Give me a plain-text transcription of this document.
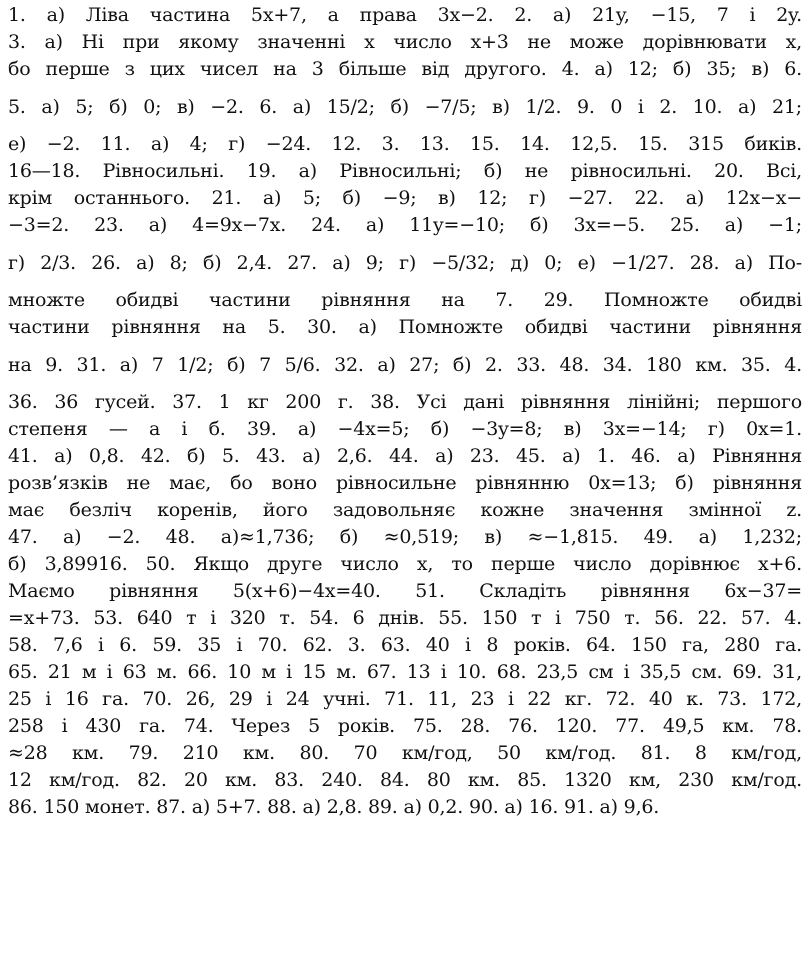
1. а) Ліва частина 5x+7, а права 3x−2. 2. а) 21y, −15, 7 і 2y.
3. а) Ні при якому значенні x число x+3 не може дорівнювати x,
бо перше з цих чисел на 3 більше від другого. 4. а) 12; б) 35; в) 6.
5. а) 5; б) 0; в) −2. 6. а) 15/2; б) −7/5; в) 1/2. 9. 0 і 2. 10. а) 21;
е) −2. 11. а) 4; г) −24. 12. 3. 13. 15. 14. 12,5. 15. 315 биків.
16—18. Рівносильні. 19. а) Рівносильні; б) не рівносильні. 20. Всі,
крім останнього. 21. а) 5; б) −9; в) 12; г) −27. 22. а) 12x−x−
−3=2. 23. а) 4=9x−7x. 24. а) 11y=−10; б) 3x=−5. 25. а) −1;
г) 2/3. 26. а) 8; б) 2,4. 27. а) 9; г) −5/32; д) 0; е) −1/27. 28. а) По-
множте обидві частини рівняння на 7. 29. Помножте обидві
частини рівняння на 5. 30. а) Помножте обидві частини рівняння
на 9. 31. а) 7 1/2; б) 7 5/6. 32. а) 27; б) 2. 33. 48. 34. 180 км. 35. 4.
36. 36 гусей. 37. 1 кг 200 г. 38. Усі дані рівняння лінійні; першого
степеня — а і б. 39. а) −4x=5; б) −3y=8; в) 3x=−14; г) 0x=1.
41. а) 0,8. 42. б) 5. 43. а) 2,6. 44. а) 23. 45. а) 1. 46. а) Рівняння
розв’язків не має, бо воно рівносильне рівнянню 0x=13; б) рівняння
має безліч коренів, його задовольняє кожне значення змінної z.
47. а) −2. 48. а)≈1,736; б) ≈0,519; в) ≈−1,815. 49. а) 1,232;
б) 3,89916. 50. Якщо друге число x, то перше число дорівнює x+6.
Маємо рівняння 5(x+6)−4x=40. 51. Складіть рівняння 6x−37=
=x+73. 53. 640 т і 320 т. 54. 6 днів. 55. 150 т і 750 т. 56. 22. 57. 4.
58. 7,6 і 6. 59. 35 і 70. 62. 3. 63. 40 і 8 років. 64. 150 га, 280 га.
65. 21 м і 63 м. 66. 10 м і 15 м. 67. 13 і 10. 68. 23,5 см і 35,5 см. 69. 31,
25 і 16 га. 70. 26, 29 і 24 учні. 71. 11, 23 і 22 кг. 72. 40 к. 73. 172,
258 і 430 га. 74. Через 5 років. 75. 28. 76. 120. 77. 49,5 км. 78.
≈28 км. 79. 210 км. 80. 70 км/год, 50 км/год. 81. 8 км/год,
12 км/год. 82. 20 км. 83. 240. 84. 80 км. 85. 1320 км, 230 км/год.
86. 150 монет. 87. а) 5+7. 88. а) 2,8. 89. а) 0,2. 90. а) 16. 91. а) 9,6.
